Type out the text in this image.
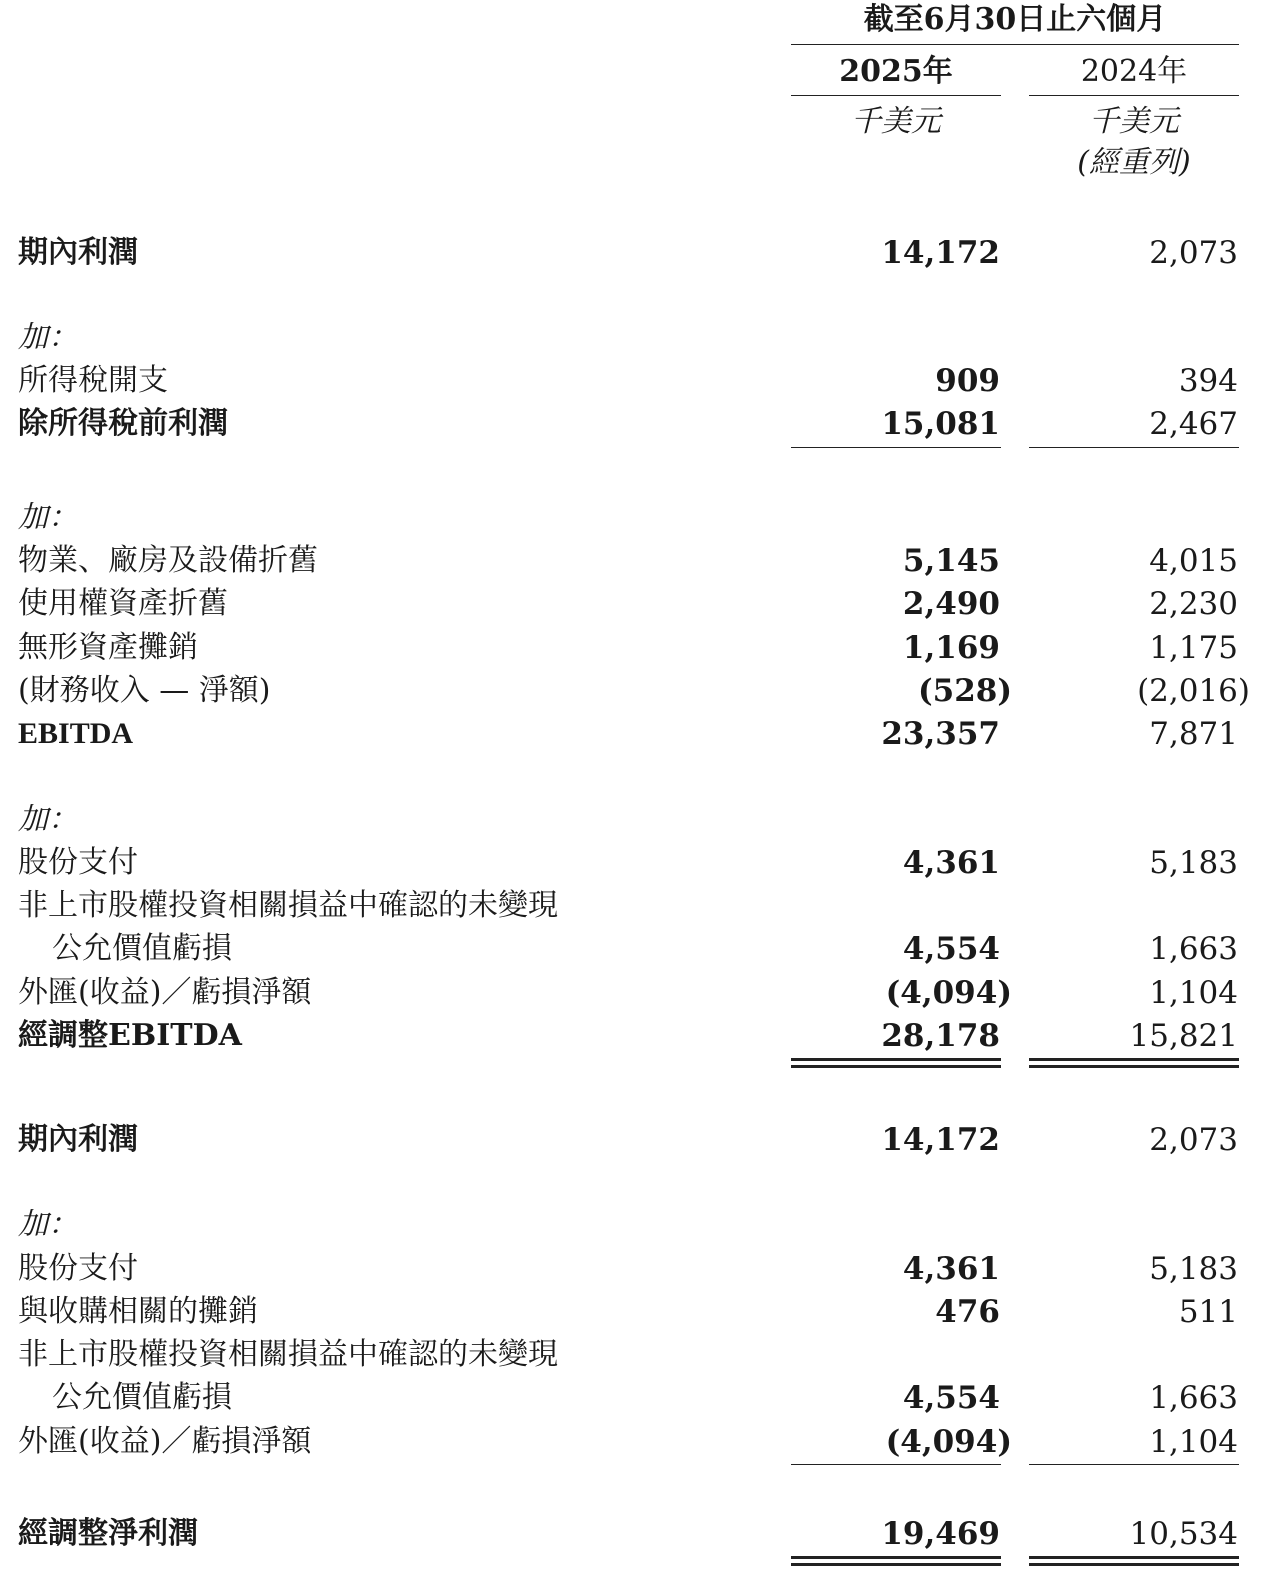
截至6月30日止六個月
2025年	2024年
千美元	千美元
(經重列)
期內利潤	14,172	2,073
加：
所得稅開支	909	394
除所得稅前利潤	15,081	2,467
加：
物業、廠房及設備折舊	5,145	4,015
使用權資產折舊	2,490	2,230
無形資產攤銷	1,169	1,175
(財務收入 — 淨額)	(528)	(2,016)
EBITDA	23,357	7,871
加：
股份支付	4,361	5,183
非上市股權投資相關損益中確認的未變現
公允價值虧損	4,554	1,663
外匯(收益)／虧損淨額	(4,094)	1,104
經調整EBITDA	28,178	15,821
期內利潤	14,172	2,073
加：
股份支付	4,361	5,183
與收購相關的攤銷	476	511
非上市股權投資相關損益中確認的未變現
公允價值虧損	4,554	1,663
外匯(收益)／虧損淨額	(4,094)	1,104
經調整淨利潤	19,469	10,534
